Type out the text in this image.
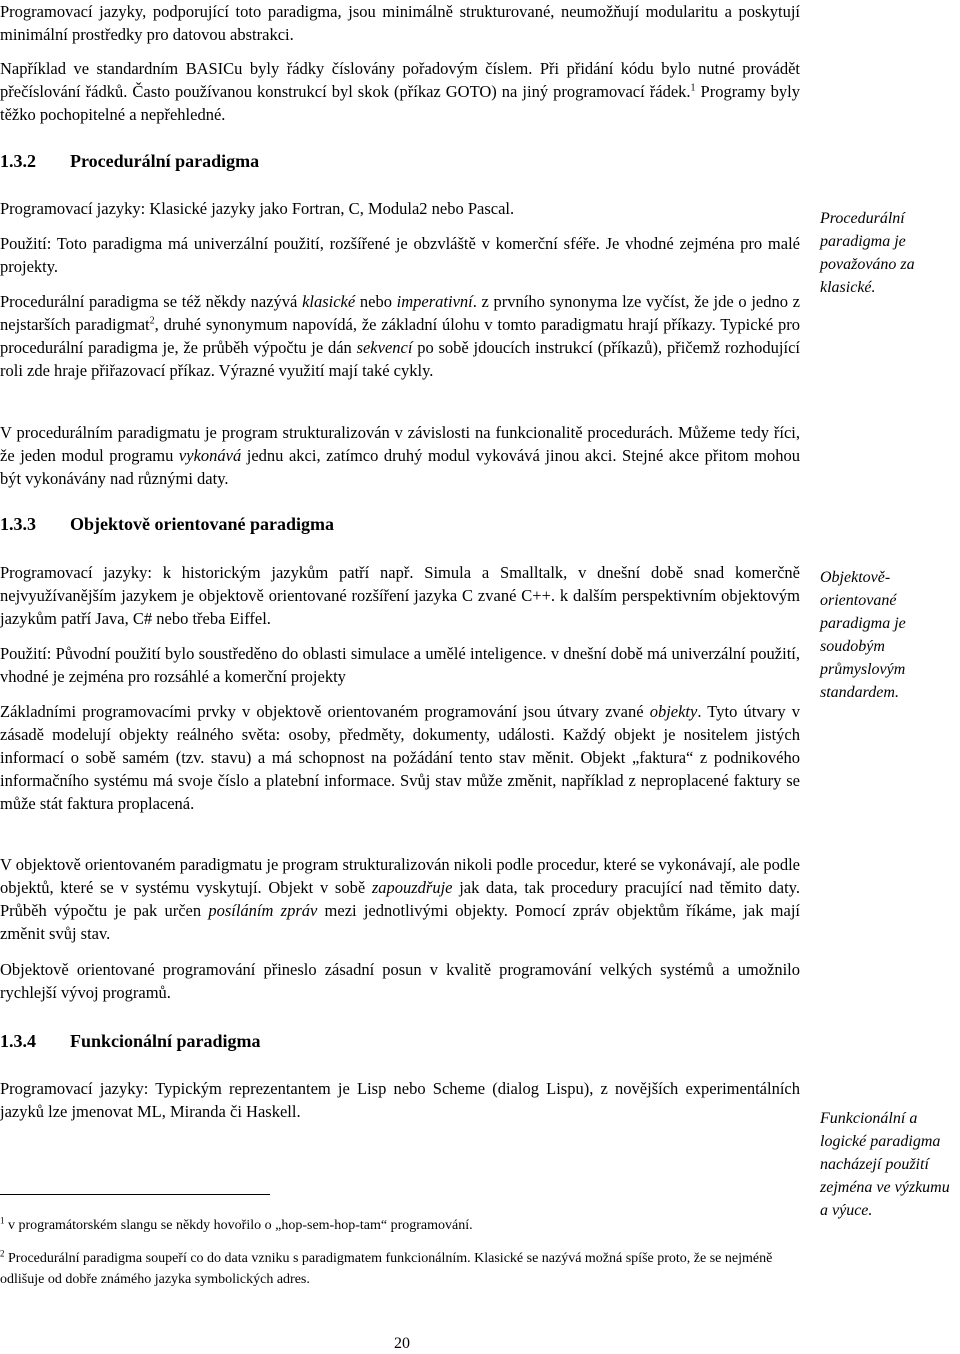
Programovací jazyky, podporující toto paradigma, jsou minimálně strukturované, neumožňují modularitu a poskytují minimální prostředky pro datovou abstrakci.

Například ve standardním BASICu byly řádky číslovány pořadovým číslem. Při přidání kódu bylo nutné provádět přečíslování řádků. Často používanou konstrukcí byl skok (příkaz GOTO) na jiný programovací řádek.$^1$ Programy byly těžko pochopitelné a nepřehledné.

1.3.2 Procedurální paradigma

Programovací jazyky: Klasické jazyky jako Fortran, C, Modula2 nebo Pascal.

Použití: Toto paradigma má univerzální použití, rozšířené je obzvláště v komerční sféře. Je vhodné zejména pro malé projekty.

Procedurální paradigma se též někdy nazývá klasické nebo imperativní. z prvního synonyma lze vyčíst, že jde o jedno z nejstarších paradigmat$^2$, druhé synonymum napovídá, že základní úlohu v tomto paradigmatu hrají příkazy. Typické pro procedurální paradigma je, že průběh výpočtu je dán sekvencí po sobě jdoucích instrukcí (příkazů), přičemž rozhodující roli zde hraje přiřazovací příkaz. Výrazné využití mají také cykly.

V procedurálním paradigmatu je program strukturalizován v závislosti na funkcionalitě procedurách. Můžeme tedy říci, že jeden modul programu vykonává jednu akci, zatímco druhý modul vykovává jinou akci. Stejné akce přitom mohou být vykonávány nad různými daty.

Procedurální paradigma je považováno za klasické.

1.3.3 Objektově orientované paradigma

Programovací jazyky: k historickým jazykům patří např. Simula a Smalltalk, v dnešní době snad komerčně nejvyužívanějším jazykem je objektově orientované rozšíření jazyka C zvané C++. k dalším perspektivním objektovým jazykům patří Java, C# nebo třeba Eiffel.

Použití: Původní použití bylo soustředěno do oblasti simulace a umělé inteligence. v dnešní době má univerzální použití, vhodné je zejména pro rozsáhlé a komerční projekty

Základními programovacími prvky v objektově orientovaném programování jsou útvary zvané objekty. Tyto útvary v zásadě modelují objekty reálného světa: osoby, předměty, dokumenty, události. Každý objekt je nositelem jistých informací o sobě samém (tzv. stavu) a má schopnost na požádání tento stav měnit. Objekt „faktura“ z podnikového informačního systému má svoje číslo a platební informace. Svůj stav může změnit, například z neproplacené faktury se může stát faktura proplacená.

V objektově orientovaném paradigmatu je program strukturalizován nikoli podle procedur, které se vykonávají, ale podle objektů, které se v systému vyskytují. Objekt v sobě zapouzdřuje jak data, tak procedury pracující nad těmito daty. Průběh výpočtu je pak určen posíláním zpráv mezi jednotlivými objekty. Pomocí zpráv objektům říkáme, jak mají změnit svůj stav.

Objektově orientované programování přineslo zásadní posun v kvalitě programování velkých systémů a umožnilo rychlejší vývoj programů.

Objektově-orientované paradigma je soudobým průmyslovým standardem.

1.3.4 Funkcionální paradigma

Programovací jazyky: Typickým reprezentantem je Lisp nebo Scheme (dialog Lispu), z novějších experimentálních jazyků lze jmenovat ML, Miranda či Haskell.	Funkcionální a logické paradigma nacházejí použití zejména ve výzkumu a výuce.

$^1$ v programátorském slangu se někdy hovořilo o „hop-sem-hop-tam“ programování.

$^2$ Procedurální paradigma soupeří co do data vzniku s paradigmatem funkcionálním. Klasické se nazývá možná spíše proto, že se nejméně odlišuje od dobře známého jazyka symbolických adres.

20
